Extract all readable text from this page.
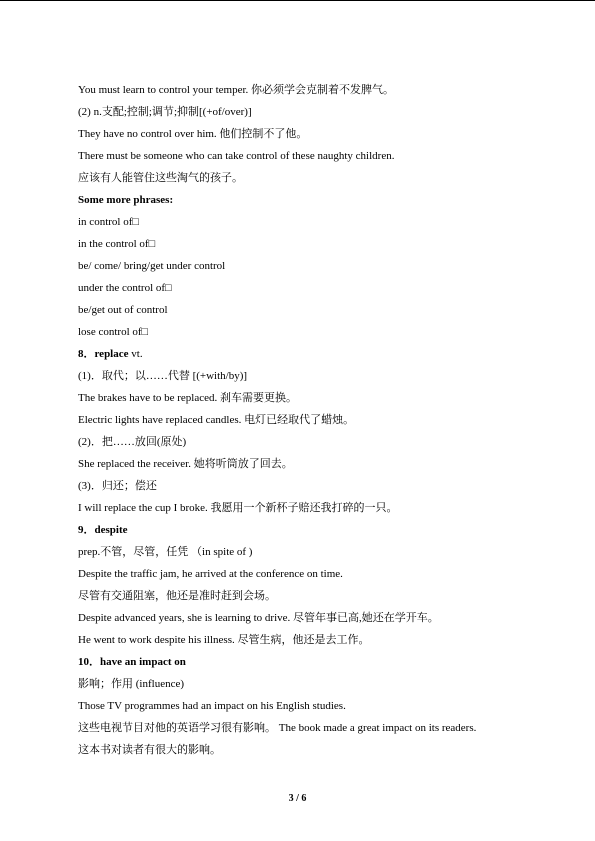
You must learn to control your temper. 你必须学会克制着不发脾气。
(2) n.支配;控制;调节;抑制[(+of/over)]
They have no control over him. 他们控制不了他。
There must be someone who can take control of these naughty children.
应该有人能管住这些淘气的孩子。
Some more phrases:
in control of□
in the control of□
be/ come/ bring/get under control
under the control of□
be/get out of control
lose control of□
8．replace vt.
(1)．取代；以……代替 [(+with/by)]
The brakes have to be replaced. 刹车需要更换。
Electric lights have replaced candles. 电灯已经取代了蜡烛。
(2)．把……放回(原处)
She replaced the receiver. 她将听筒放了回去。
(3)．归还；偿还
I will replace the cup I broke. 我愿用一个新杯子赔还我打碎的一只。
9．despite
prep.不管，尽管，任凭 （in spite of )
Despite the traffic jam, he arrived at the conference on time.
尽管有交通阻塞，他还是准时赶到会场。
Despite advanced years, she is learning to drive. 尽管年事已高,她还在学开车。
He went to work despite his illness. 尽管生病，他还是去工作。
10．have an impact on
影响；作用 (influence)
Those TV programmes had an impact on his English studies.
这些电视节目对他的英语学习很有影响。 The book made a great impact on its readers.
这本书对读者有很大的影响。
3 / 6
